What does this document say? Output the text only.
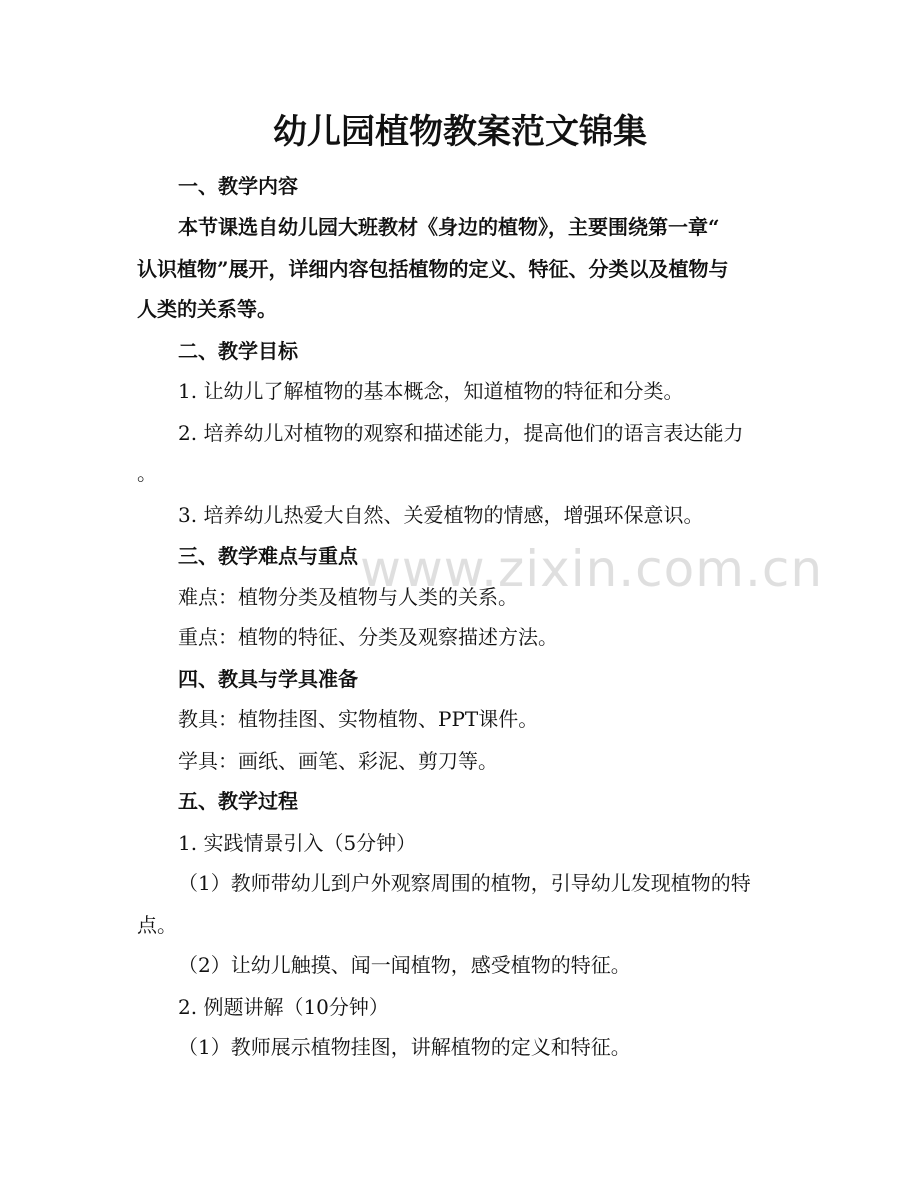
幼儿园植物教案范文锦集

一、教学内容

本节课选自幼儿园大班教材《身边的植物》，主要围绕第一章“

认识植物”展开，详细内容包括植物的定义、特征、分类以及植物与

人类的关系等。

二、教学目标

1. 让幼儿了解植物的基本概念，知道植物的特征和分类。

2. 培养幼儿对植物的观察和描述能力，提高他们的语言表达能力

。

3. 培养幼儿热爱大自然、关爱植物的情感，增强环保意识。

三、教学难点与重点

难点：植物分类及植物与人类的关系。

重点：植物的特征、分类及观察描述方法。

四、教具与学具准备

教具：植物挂图、实物植物、PPT课件。

学具：画纸、画笔、彩泥、剪刀等。

五、教学过程

1. 实践情景引入（5分钟）

（1）教师带幼儿到户外观察周围的植物，引导幼儿发现植物的特

点。

（2）让幼儿触摸、闻一闻植物，感受植物的特征。

2. 例题讲解（10分钟）

（1）教师展示植物挂图，讲解植物的定义和特征。

www.zixin.com.cn
